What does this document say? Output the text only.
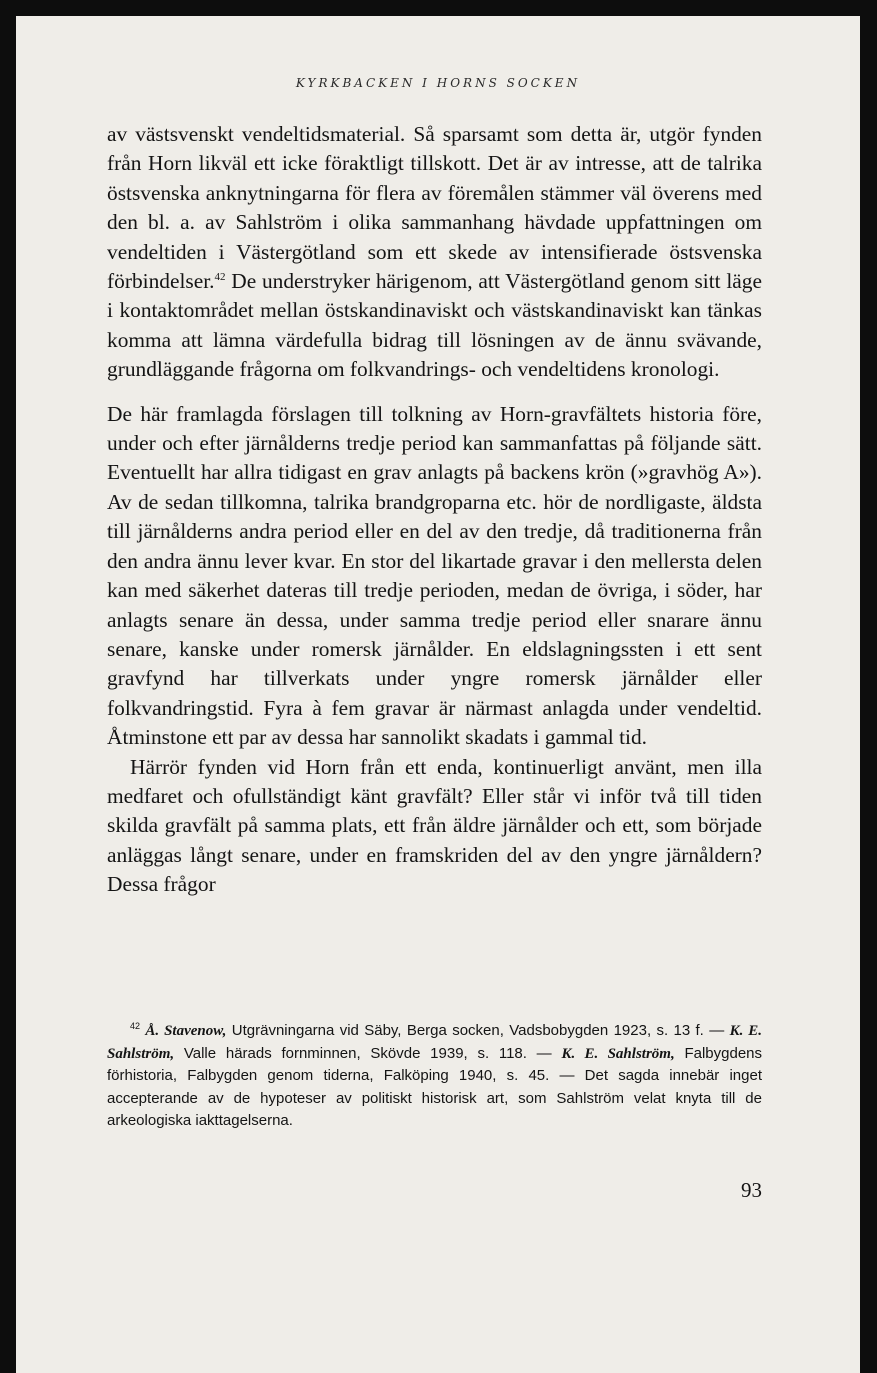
KYRKBACKEN I HORNS SOCKEN

av västsvenskt vendeltidsmaterial. Så sparsamt som detta är, utgör fynden från Horn likväl ett icke föraktligt tillskott. Det är av intresse, att de talrika östsvenska anknytningarna för flera av föremålen stämmer väl överens med den bl. a. av Sahlström i olika sammanhang hävdade uppfattningen om vendeltiden i Västergötland som ett skede av intensifierade östsvenska förbindelser.$^{42}$ De understryker härigenom, att Västergötland genom sitt läge i kontaktområdet mellan östskandinaviskt och västskandinaviskt kan tänkas komma att lämna värdefulla bidrag till lösningen av de ännu svävande, grundläggande frågorna om folkvandrings- och vendeltidens kronologi.

De här framlagda förslagen till tolkning av Horn-gravfältets historia före, under och efter järnålderns tredje period kan sammanfattas på följande sätt. Eventuellt har allra tidigast en grav anlagts på backens krön (»gravhög A»). Av de sedan tillkomna, talrika brandgroparna etc. hör de nordligaste, äldsta till järnålderns andra period eller en del av den tredje, då traditionerna från den andra ännu lever kvar. En stor del likartade gravar i den mellersta delen kan med säkerhet dateras till tredje perioden, medan de övriga, i söder, har anlagts senare än dessa, under samma tredje period eller snarare ännu senare, kanske under romersk järnålder. En eldslagningssten i ett sent gravfynd har tillverkats under yngre romersk järnålder eller folkvandringstid. Fyra à fem gravar är närmast anlagda under vendeltid. Åtminstone ett par av dessa har sannolikt skadats i gammal tid.

Härrör fynden vid Horn från ett enda, kontinuerligt använt, men illa medfaret och ofullständigt känt gravfält? Eller står vi inför två till tiden skilda gravfält på samma plats, ett från äldre järnålder och ett, som började anläggas långt senare, under en framskriden del av den yngre järnåldern? Dessa frågor

$^{42}$ Å. Stavenow, Utgrävningarna vid Säby, Berga socken, Vadsbobygden 1923, s. 13 f. — K. E. Sahlström, Valle härads fornminnen, Skövde 1939, s. 118. — K. E. Sahlström, Falbygdens förhistoria, Falbygden genom tiderna, Falköping 1940, s. 45. — Det sagda innebär inget accepterande av de hypoteser av politiskt historisk art, som Sahlström velat knyta till de arkeologiska iakttagelserna.

93
